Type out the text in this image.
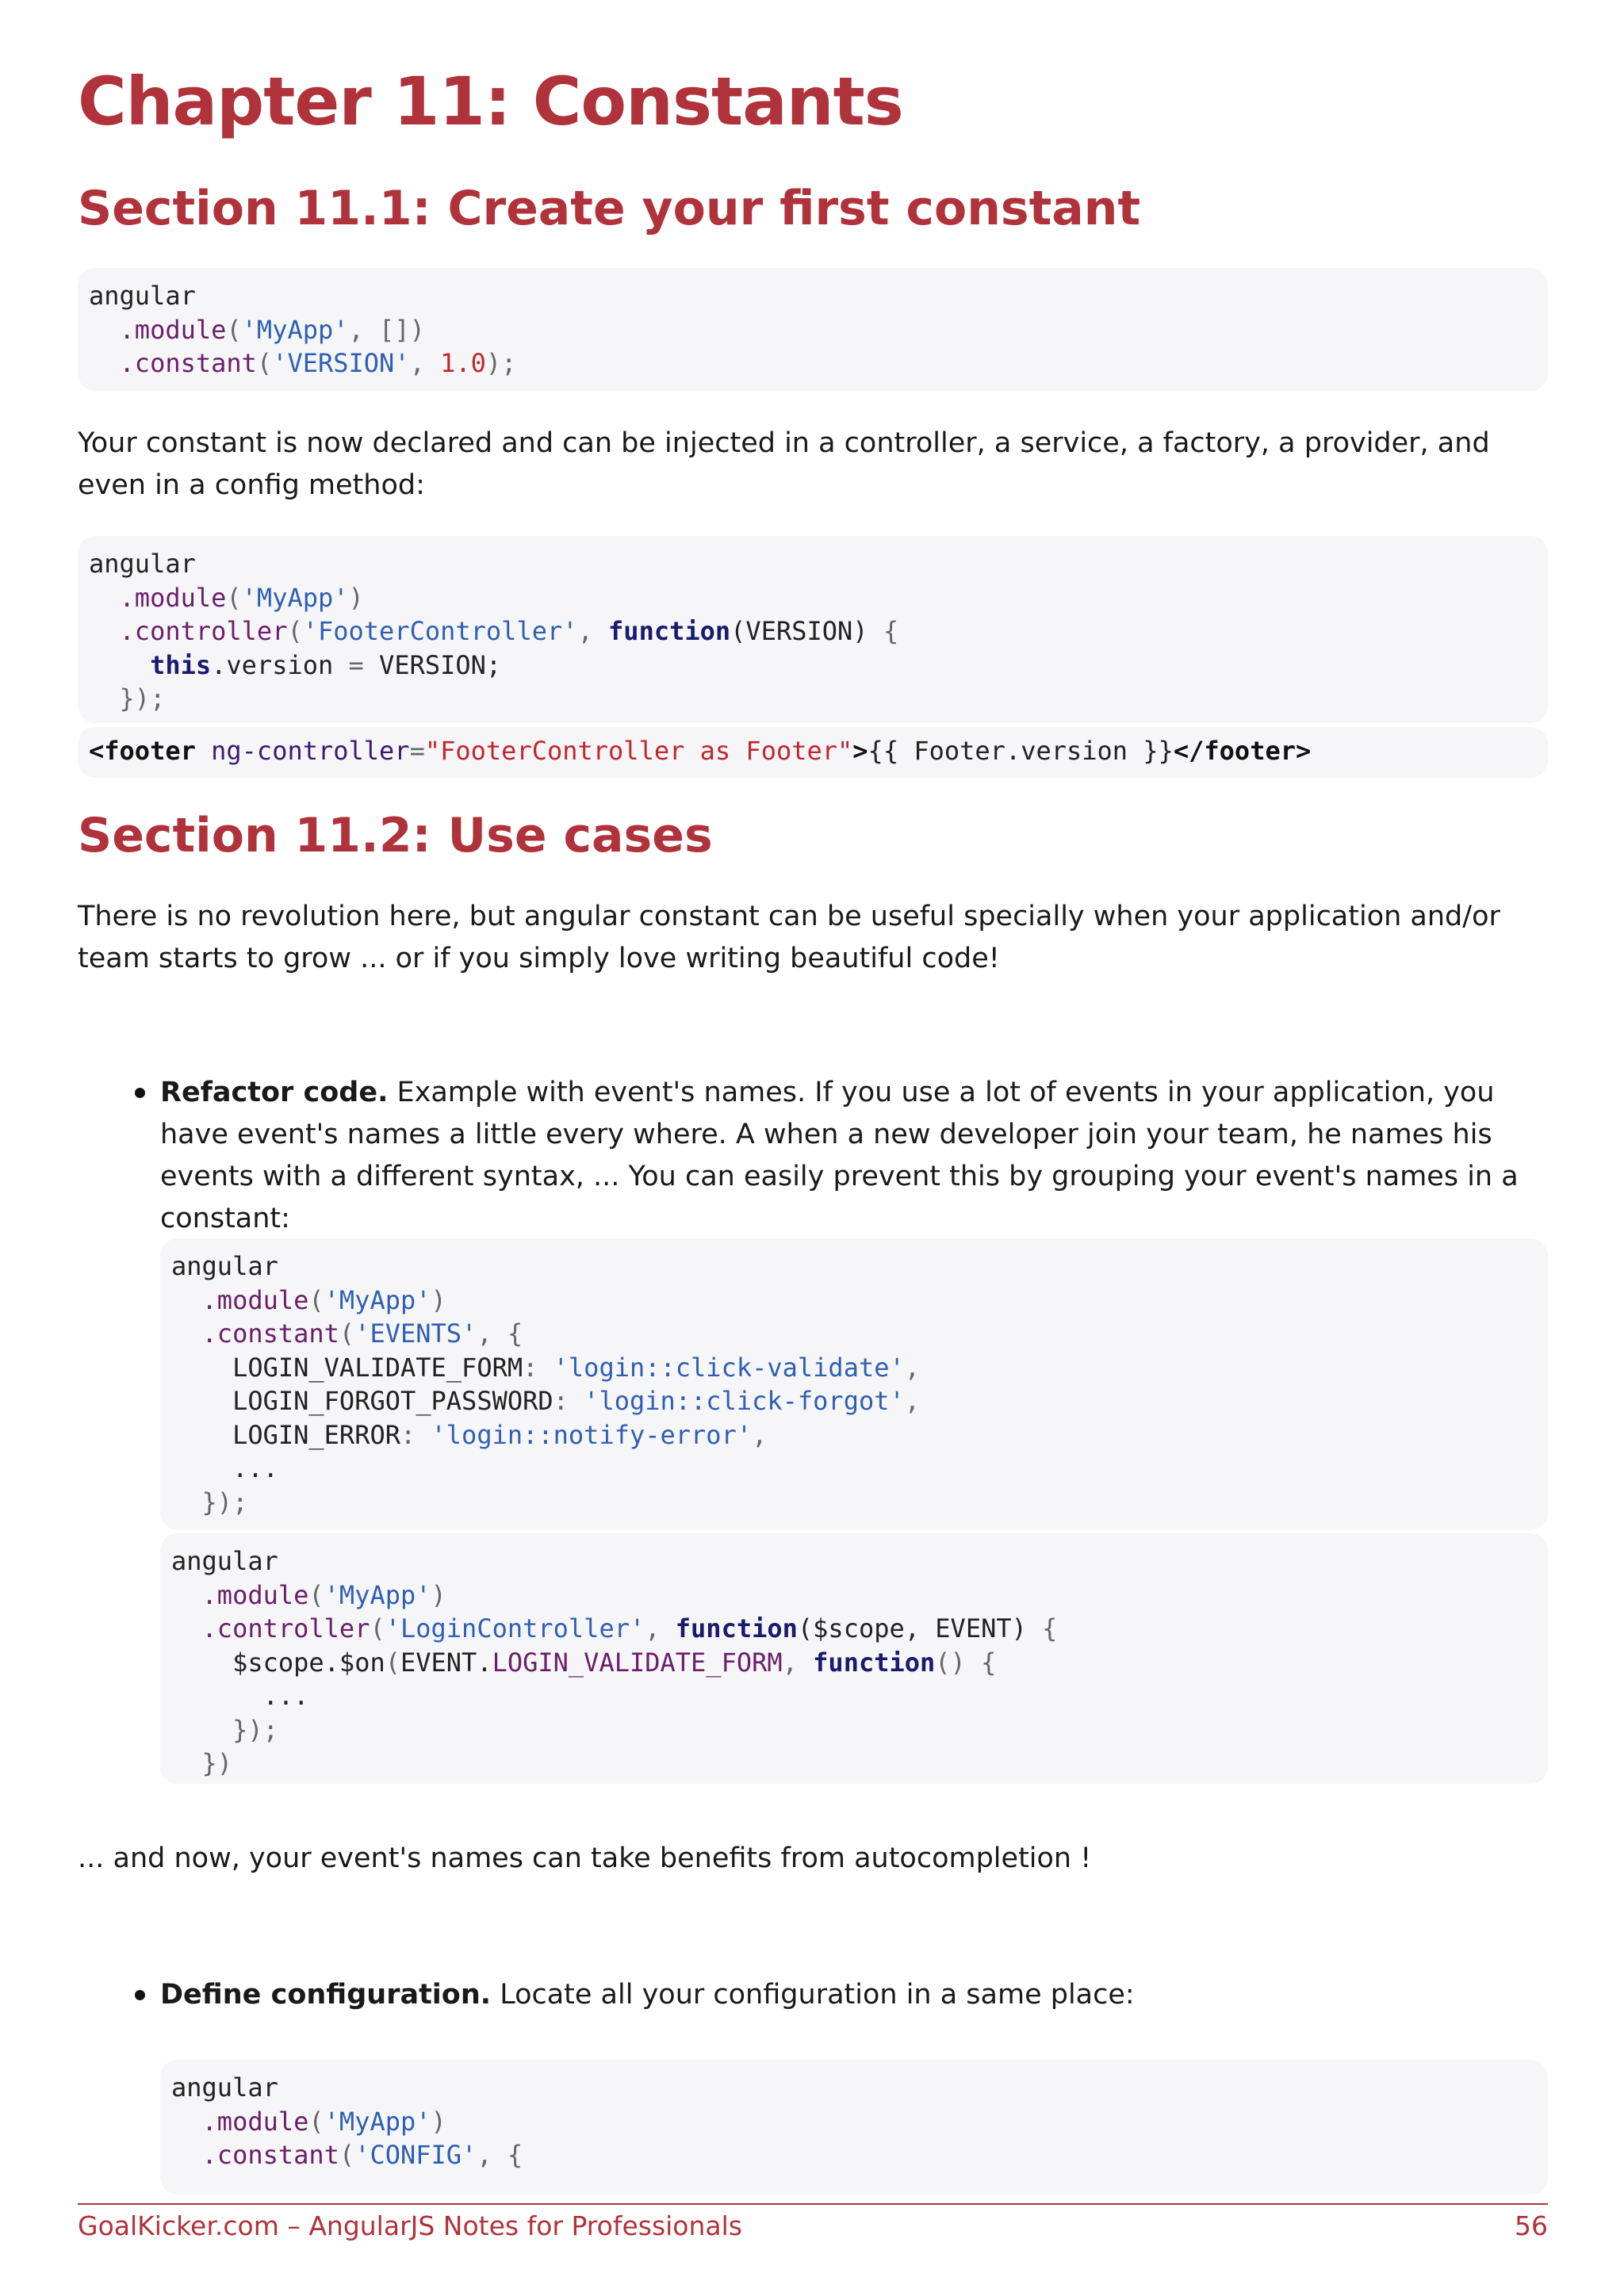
Chapter 11: Constants
Section 11.1: Create your first constant
angular
.module('MyApp', [])
.constant('VERSION', 1.0);

Your constant is now declared and can be injected in a controller, a service, a factory, a provider, and even in a config method:

angular
.module('MyApp')
.controller('FooterController', function(VERSION) {
this.version = VERSION;
});
<footer ng-controller="FooterController as Footer">{{ Footer.version }}</footer>
Section 11.2: Use cases

There is no revolution here, but angular constant can be useful specially when your application and/or team starts to grow ... or if you simply love writing beautiful code!

Refactor code. Example with event's names. If you use a lot of events in your application, you have event's names a little every where. A when a new developer join your team, he names his events with a different syntax, ... You can easily prevent this by grouping your event's names in a constant:

angular
.module('MyApp')
.constant('EVENTS', {
LOGIN_VALIDATE_FORM: 'login::click-validate',
LOGIN_FORGOT_PASSWORD: 'login::click-forgot',
LOGIN_ERROR: 'login::notify-error',
...
});
angular
.module('MyApp')
.controller('LoginController', function($scope, EVENT) {
$scope.$on(EVENT.LOGIN_VALIDATE_FORM, function() {
...
});
})

... and now, your event's names can take benefits from autocompletion !

Define configuration. Locate all your configuration in a same place:

angular
.module('MyApp')
.constant('CONFIG', {
GoalKicker.com – AngularJS Notes for Professionals	56
